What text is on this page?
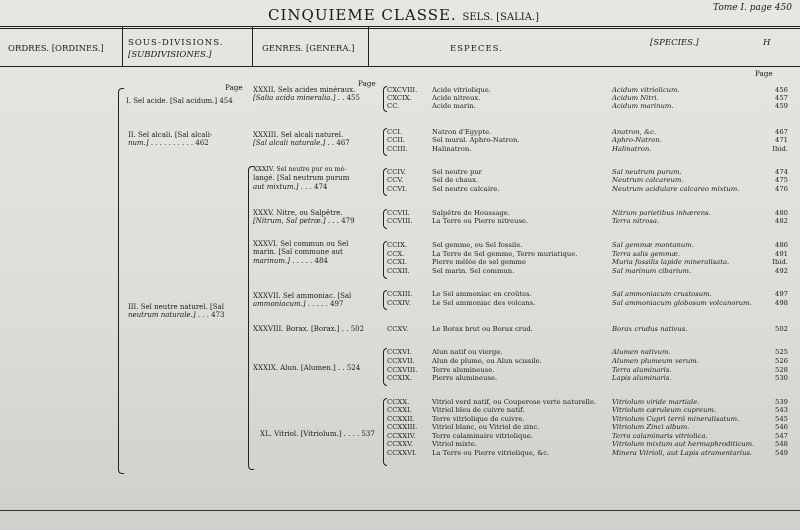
CINQUIEME CLASSE. SELS. [SALIA.]
Tome I. page 450
ORDRES. [ORDINES.]
SOUS-DIVISIONS.
[SUBDIVISIONES.]
GENRES. [GENERA.]	ESPECES.
[SPECIES.]	H
Page	Page
Page
I. Sel acide. [Sal acidum.] 454
II. Sel alcali. [Sal alcali-
num.] . . . . . . . . . . 462
III. Sel neutre naturel. [Sal
neutrum naturale.] . . . 473
XXXII. Sels acides minéraux.
[Salia acida mineralia.] . . 455
XXXIII. Sel alcali naturel.
[Sal alcali naturale.] . . 467
XXXIV. Sel neutre pur ou mé-
langé. [Sal neutrum purum
aut mixtum.] . . . 474
XXXV. Nitre, ou Salpêtre.
[Nitrum, Sal petræ.] . . . 479
XXXVI. Sel commun ou Sel
marin. [Sal commune aut
marinum.] . . . . . 484
XXXVII. Sel ammoniac. [Sal
ammoniacum.] . . . . . 497
XXXVIII. Borax. [Borax.] . . 502
XXXIX. Alun. [Alumen.] . . 524
XL. Vitriol. [Vitriolum.] . . . . 537
CXCVIII. Acide vitriolique.	Acidum vitriolicum.	456
CXCIX.	Acide nitreux.	Acidum Nitri.	457
CC.	Acide marin.	Acidum marinum.	459
CCI.	Natron d'Egypte.	Anatron, &c.	467
CCII.	Sel mural. Aphro-Natron.	Aphro-Natron.	471
CCIII.	Halinatron.	Halinatron.	Ibid.
CCIV.	Sel neutre pur	Sal neutrum purum.	474
CCV.	Sel de chaux.	Neutrum calcareum.	475
CCVI.	Sel neutre calcaire.	Neutrum acidulare calcareo mixtum.	476
CCVII.	Salpêtre de Houssage.	Nitrum parietibus inhærens.	480
CCVIII.	La Terre ou Pierre nitreuse.	Terra nitrosa.	482
CCIX.	Sel gemme, ou Sel fossile.	Sal gemmæ montanum.	486
CCX.	La Terre de Sel gemme, Terre muriatique.	Terra salis gemmæ.	491
CCXI.	Pierre mêlée de sel gemme	Muria fossilis lapide mineralisata.	Ibid.
CCXII.	Sel marin. Sel commun.	Sal marinum cibarium.	492
CCXIII.	Le Sel ammoniac en croûtes.	Sal ammoniacum crustosum.	497
CCXIV.	Le Sel ammoniac des volcans.	Sal ammoniacum globosum volcanorum.	498
CCXV.	Le Borax brut ou Borax crud.	Borax crudus nativus.	502
CCXVI.	Alun natif ou vierge.	Alumen nativum.	525
CCXVII.	Alun de plume, ou Alun scissile.	Alumen plumeum verum.	526
CCXVIII. Terre alumineuse.	Terra aluminaris.	528
CCXIX.	Pierre alumineuse.	Lapis aluminaris.	530
CCXX.	Vitriol verd natif, ou Couperose verte naturelle. Vitriolum viride martiale.	539
CCXXI.	Vitriol bleu de cuivre natif.	Vitriolum cæruleum cupreum.	543
CCXXII.	Terre vitriolique de cuivre.	Vitriolum Cupri terrâ mineralisatum.	545
CCXXIII. Vitriol blanc, ou Vitriol de zinc.	Vitriolum Zinci album.	546
CCXXIV. Terre calaminaire vitriolique.	Terra calaminaris vitriolica.	547
CCXXV.	Vitriol mixte.	Vitriolum mixtum aut hermaphroditicum.	548
CCXXVI. La Terre ou Pierre vitriolique, &c.	Minera Vitrioli, aut Lapis atramentarius.	549
